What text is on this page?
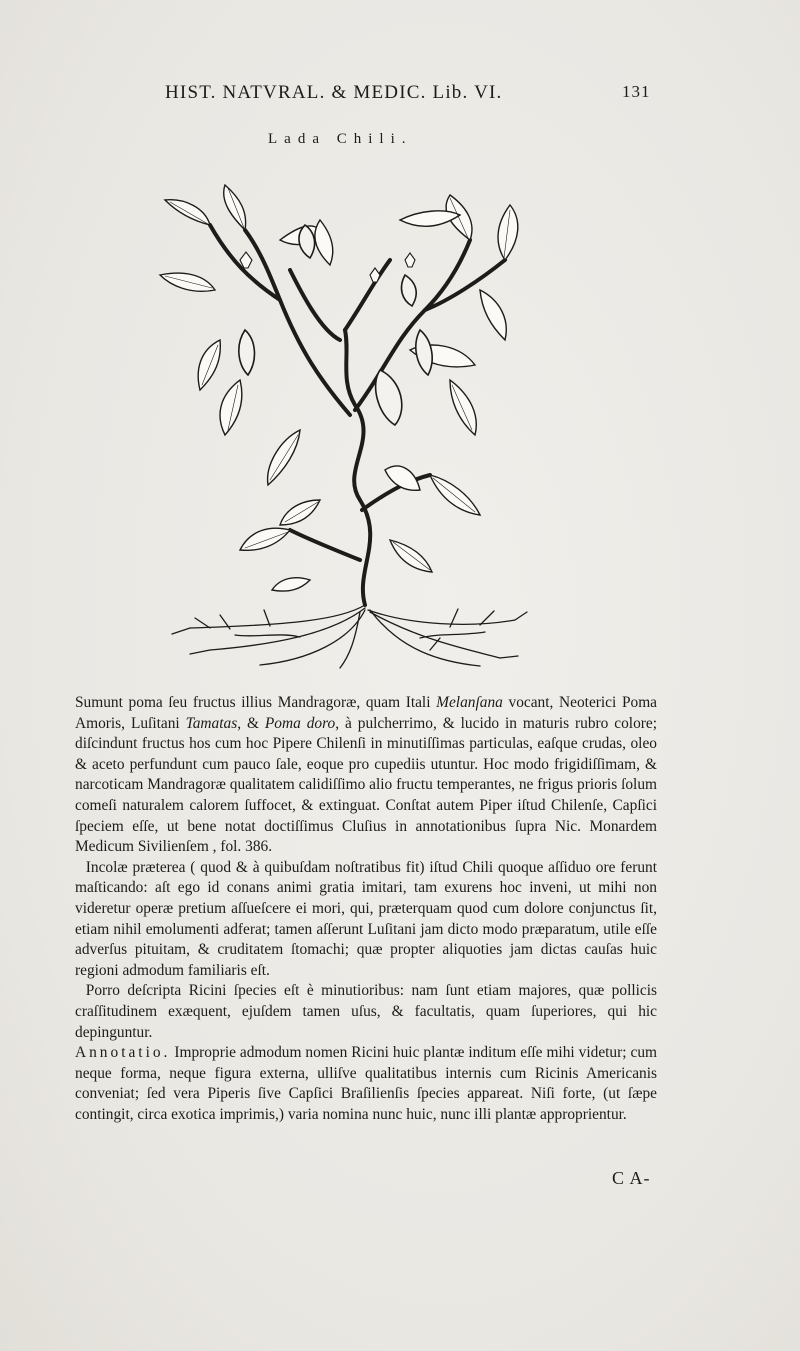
HIST. NATVRAL. & MEDIC. Lib. VI.	131
Lada Chili.

Sumunt poma ſeu fructus illius Mandragoræ, quam Itali Melanſana vocant, Neoterici Poma Amoris, Luſitani Tamatas, & Poma doro, à pulcherrimo, & lucido in maturis rubro colore; diſcindunt fructus hos cum hoc Pipere Chilenſi in minutiſſimas particulas, eaſque crudas, oleo & aceto perfundunt cum pauco ſale, eoque pro cupediis utuntur. Hoc modo frigidiſſimam, & narcoticam Mandragoræ qualitatem calidiſſimo alio fructu temperantes, ne frigus prioris ſolum comeſi naturalem calorem ſuffocet, & extinguat. Conſtat autem Piper iſtud Chilenſe, Capſici ſpeciem eſſe, ut bene notat doctiſſimus Cluſius in annotationibus ſupra Nic. Monardem Medicum Sivilienſem , fol. 386.

Incolæ præterea ( quod & à quibuſdam noſtratibus fit) iſtud Chili quoque aſſiduo ore ferunt maſticando: aſt ego id conans animi gratia imitari, tam exurens hoc inveni, ut mihi non videretur operæ pretium aſſueſcere ei mori, qui, præterquam quod cum dolore conjunctus ſit, etiam nihil emolumenti adferat; tamen aſſerunt Luſitani jam dicto modo præparatum, utile eſſe adverſus pituitam, & cruditatem ſtomachi; quæ propter aliquoties jam dictas cauſas huic regioni admodum familiaris eſt.

Porro deſcripta Ricini ſpecies eſt è minutioribus: nam ſunt etiam majores, quæ pollicis craſſitudinem exæquent, ejuſdem tamen uſus, & facultatis, quam ſuperiores, qui hic depinguntur.

Annotatio. Improprie admodum nomen Ricini huic plantæ inditum eſſe mihi videtur; cum neque forma, neque figura externa, ulliſve qualitatibus internis cum Ricinis Americanis conveniat; ſed vera Piperis ſive Capſici Braſilienſis ſpecies appareat. Niſi forte, (ut ſæpe contingit, circa exotica imprimis,) varia nomina nunc huic, nunc illi plantæ approprientur.

C A-
